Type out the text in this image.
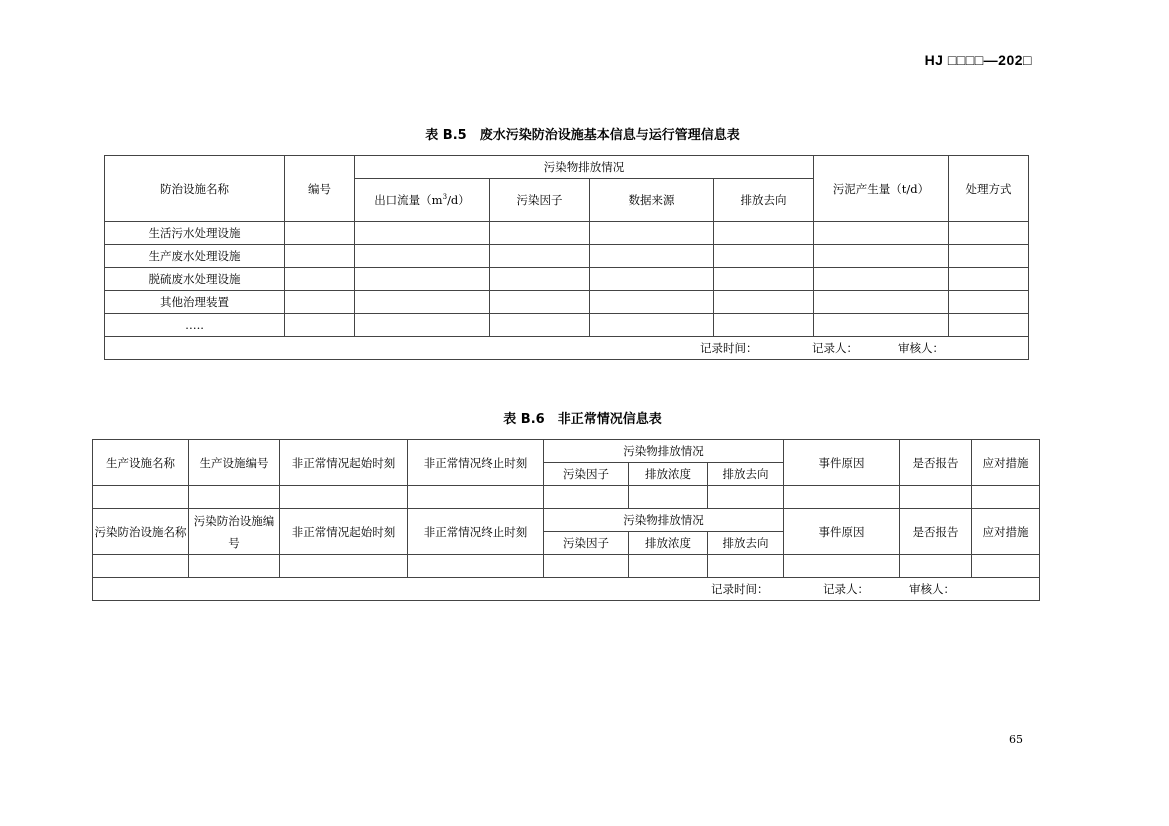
HJ □□□□—202□
表 B.5　废水污染防治设施基本信息与运行管理信息表
防治设施名称	编号	污染物排放情况				污泥产生量（t/d）	处理方式
		出口流量$(m^3/d)$	污染因子	数据来源	排放去向		
生活污水处理设施							
生产废水处理设施							
脱硫废水处理设施							
其他治理装置							
…..							
记录时间： 记录人： 审核人：							
表 B.6　非正常情况信息表
生产设施名称	生产设施编号	非正常情况起始时刻	非正常情况终止时刻	污染物排放情况			事件原因	是否报告	应对措施
				污染因子	排放浓度	排放去向			

污染防治设施名称	污染防治设施编号	非正常情况起始时刻	非正常情况终止时刻	污染物排放情况			事件原因	是否报告	应对措施
				污染因子	排放浓度	排放去向			

记录时间： 记录人： 审核人：									
65
